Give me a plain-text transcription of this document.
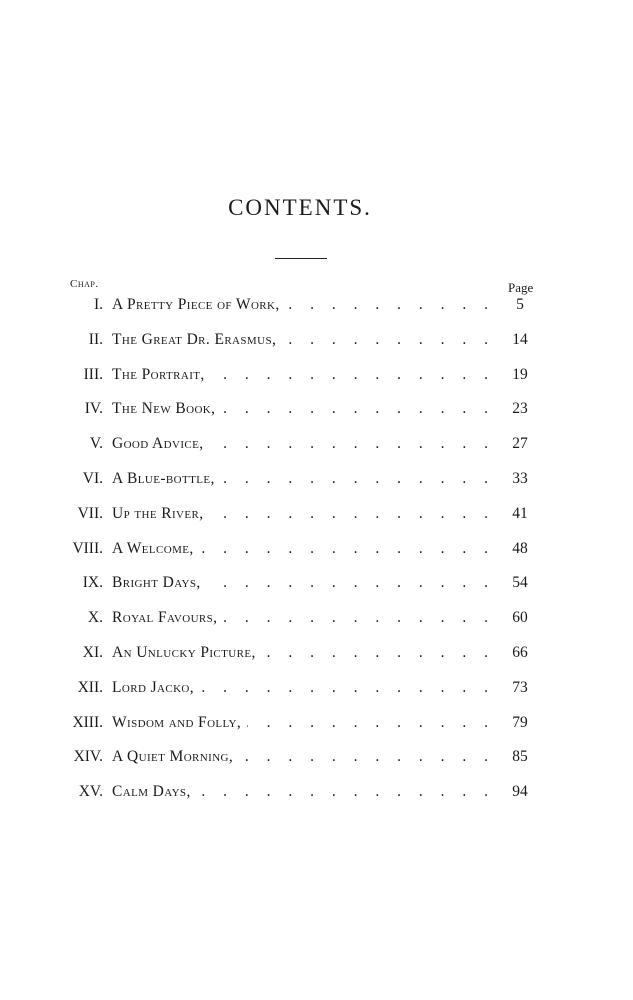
CONTENTS.
Chap.	Page
I. A Pretty Piece of Work, . . .	5
II. The Great Dr. Erasmus, . . .	14
III. The Portrait, . . .	19
IV. The New Book, . . .	23
V. Good Advice, . . .	27
VI. A Blue-bottle, . . .	33
VII. Up the River, . . .	41
VIII. A Welcome, . . .	48
IX. Bright Days, . . .	54
X. Royal Favours, . . .	60
XI. An Unlucky Picture, . . .	66
XII. Lord Jacko, . . .	73
XIII. Wisdom and Folly, . . .	79
XIV. A Quiet Morning, . . .	85
XV. Calm Days, . . .	94
